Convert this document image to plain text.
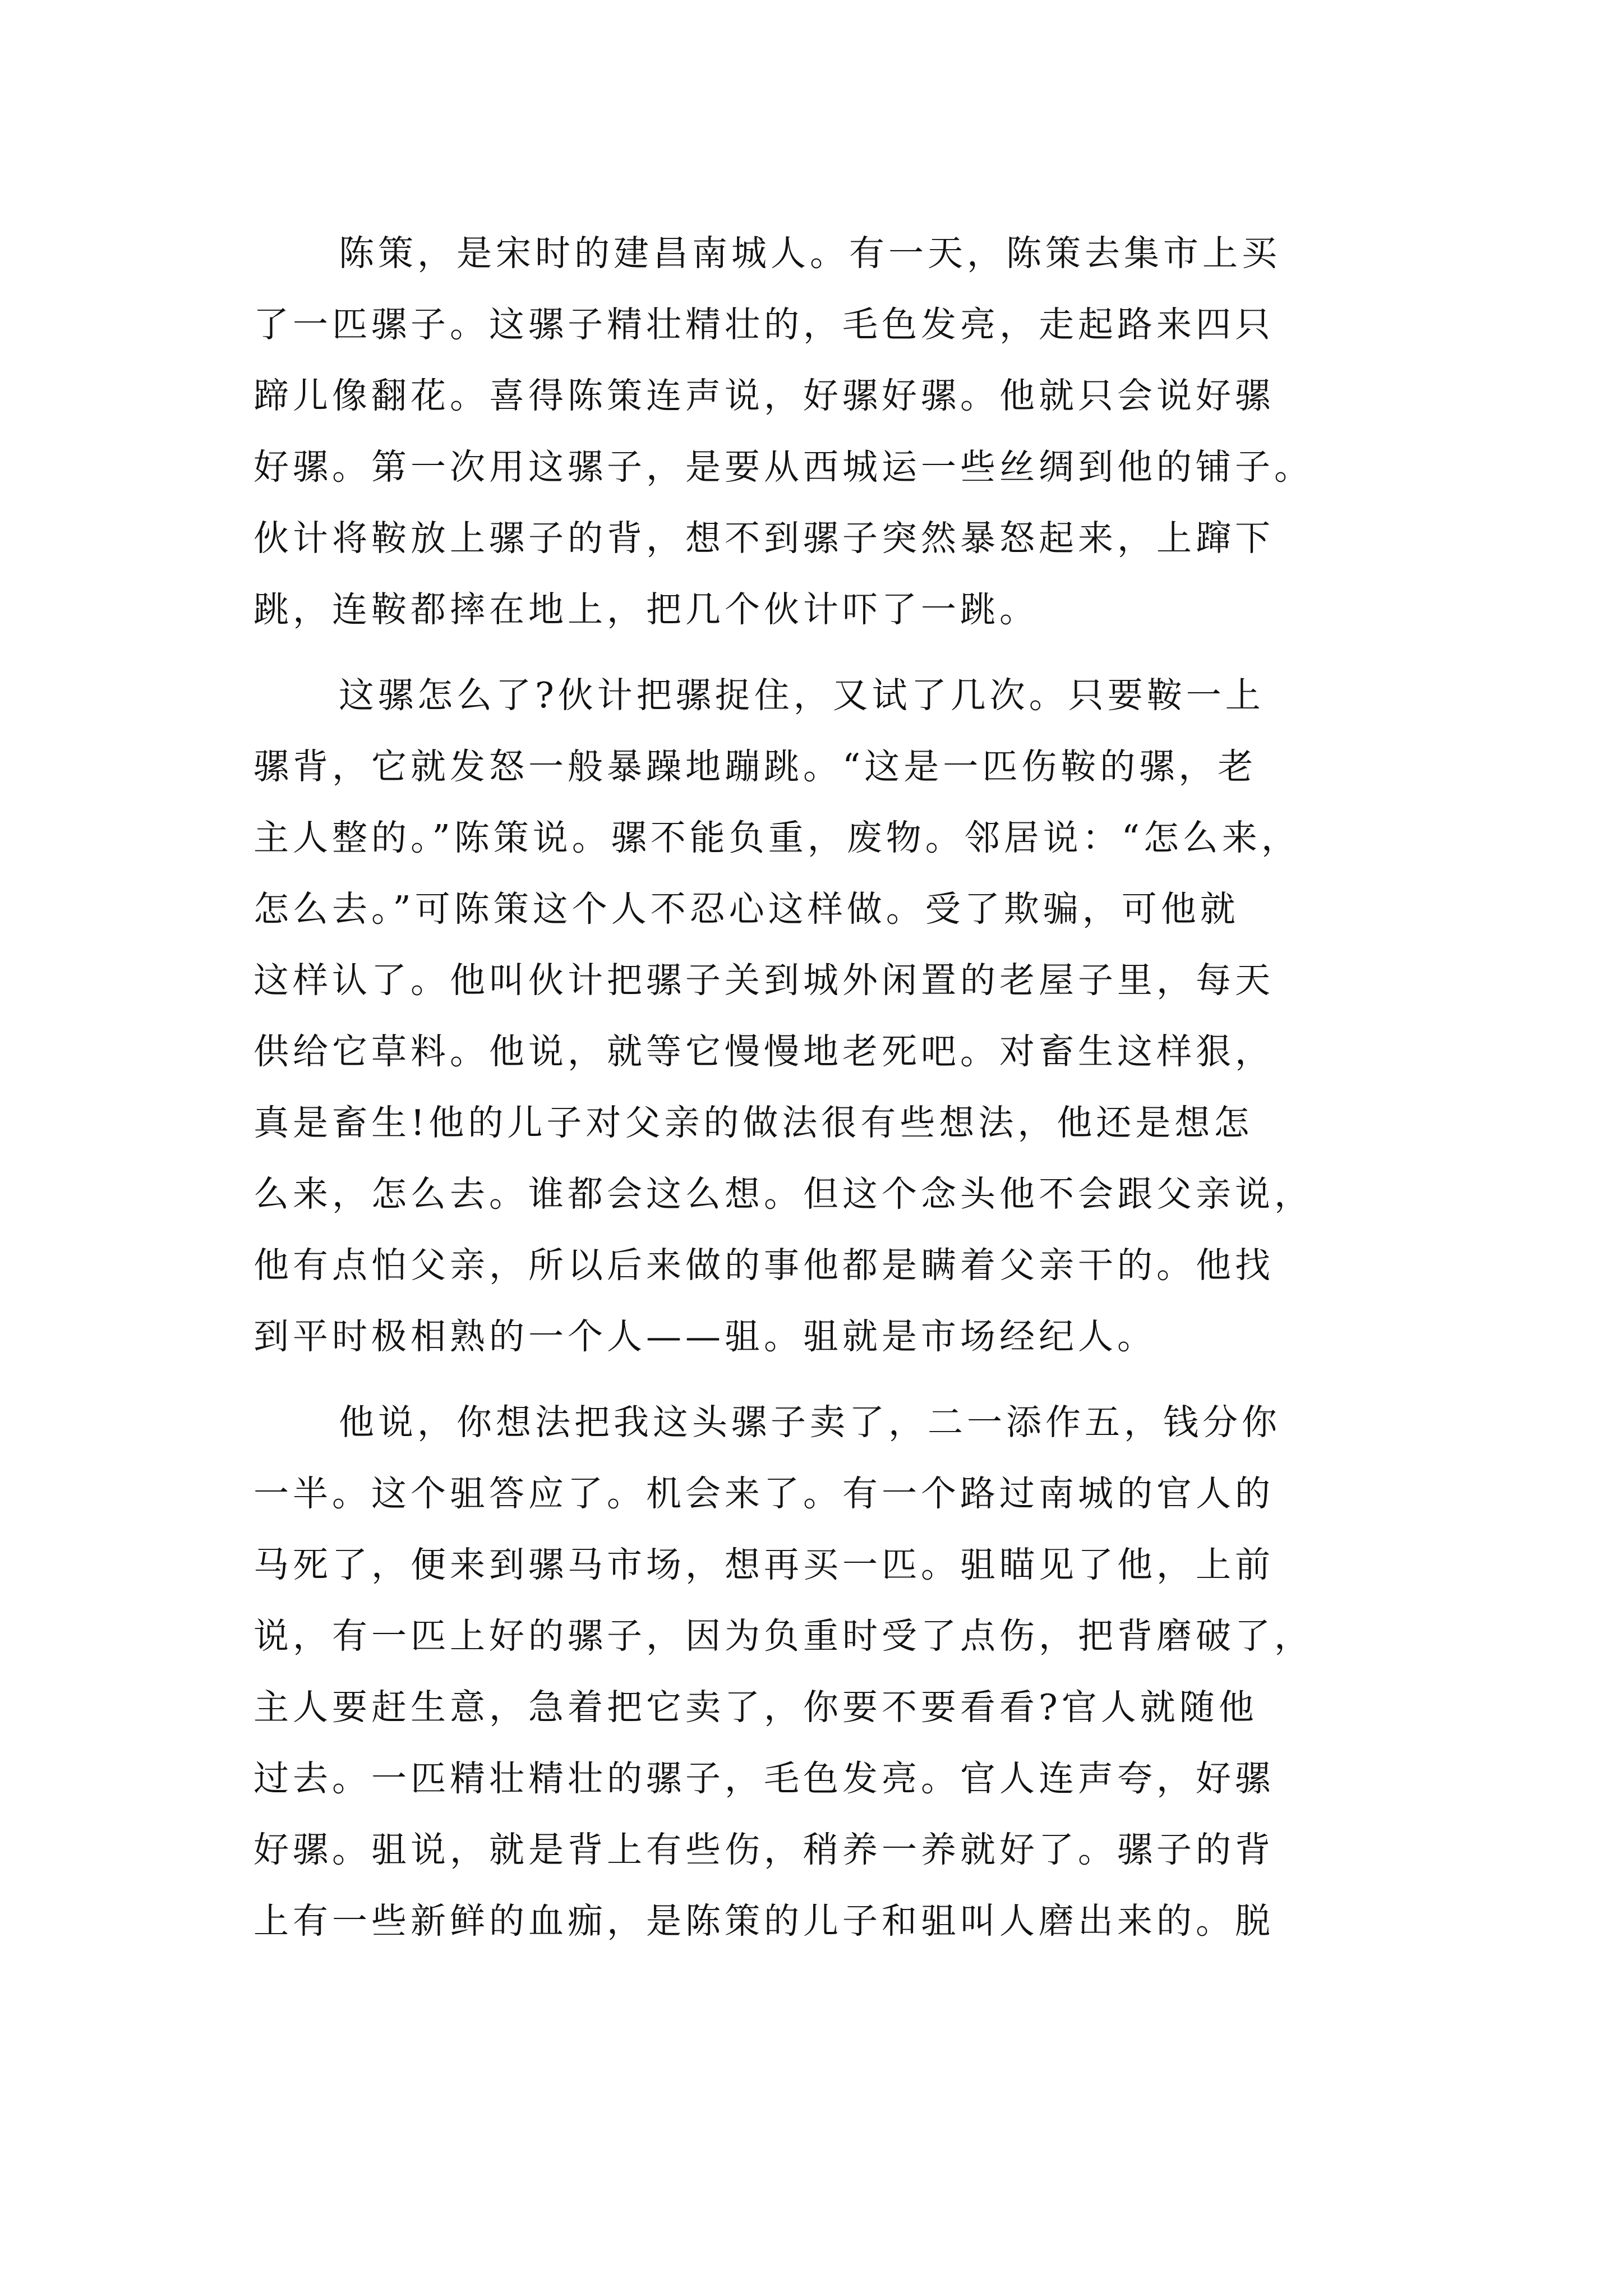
陈策，是宋时的建昌南城人。有一天，陈策去集市上买
了一匹骡子。这骡子精壮精壮的，毛色发亮，走起路来四只
蹄儿像翻花。喜得陈策连声说，好骡好骡。他就只会说好骡
好骡。第一次用这骡子，是要从西城运一些丝绸到他的铺子。
伙计将鞍放上骡子的背，想不到骡子突然暴怒起来，上蹿下
跳，连鞍都摔在地上，把几个伙计吓了一跳。
这骡怎么了?伙计把骡捉住，又试了几次。只要鞍一上
骡背，它就发怒一般暴躁地蹦跳。“这是一匹伤鞍的骡，老
主人整的。”陈策说。骡不能负重，废物。邻居说：“怎么来，
怎么去。”可陈策这个人不忍心这样做。受了欺骗，可他就
这样认了。他叫伙计把骡子关到城外闲置的老屋子里，每天
供给它草料。他说，就等它慢慢地老死吧。对畜生这样狠，
真是畜生!他的儿子对父亲的做法很有些想法，他还是想怎
么来，怎么去。谁都会这么想。但这个念头他不会跟父亲说，
他有点怕父亲，所以后来做的事他都是瞒着父亲干的。他找
到平时极相熟的一个人——驵。驵就是市场经纪人。
他说，你想法把我这头骡子卖了，二一添作五，钱分你
一半。这个驵答应了。机会来了。有一个路过南城的官人的
马死了，便来到骡马市场，想再买一匹。驵瞄见了他，上前
说，有一匹上好的骡子，因为负重时受了点伤，把背磨破了，
主人要赶生意，急着把它卖了，你要不要看看?官人就随他
过去。一匹精壮精壮的骡子，毛色发亮。官人连声夸，好骡
好骡。驵说，就是背上有些伤，稍养一养就好了。骡子的背
上有一些新鲜的血痂，是陈策的儿子和驵叫人磨出来的。脱
